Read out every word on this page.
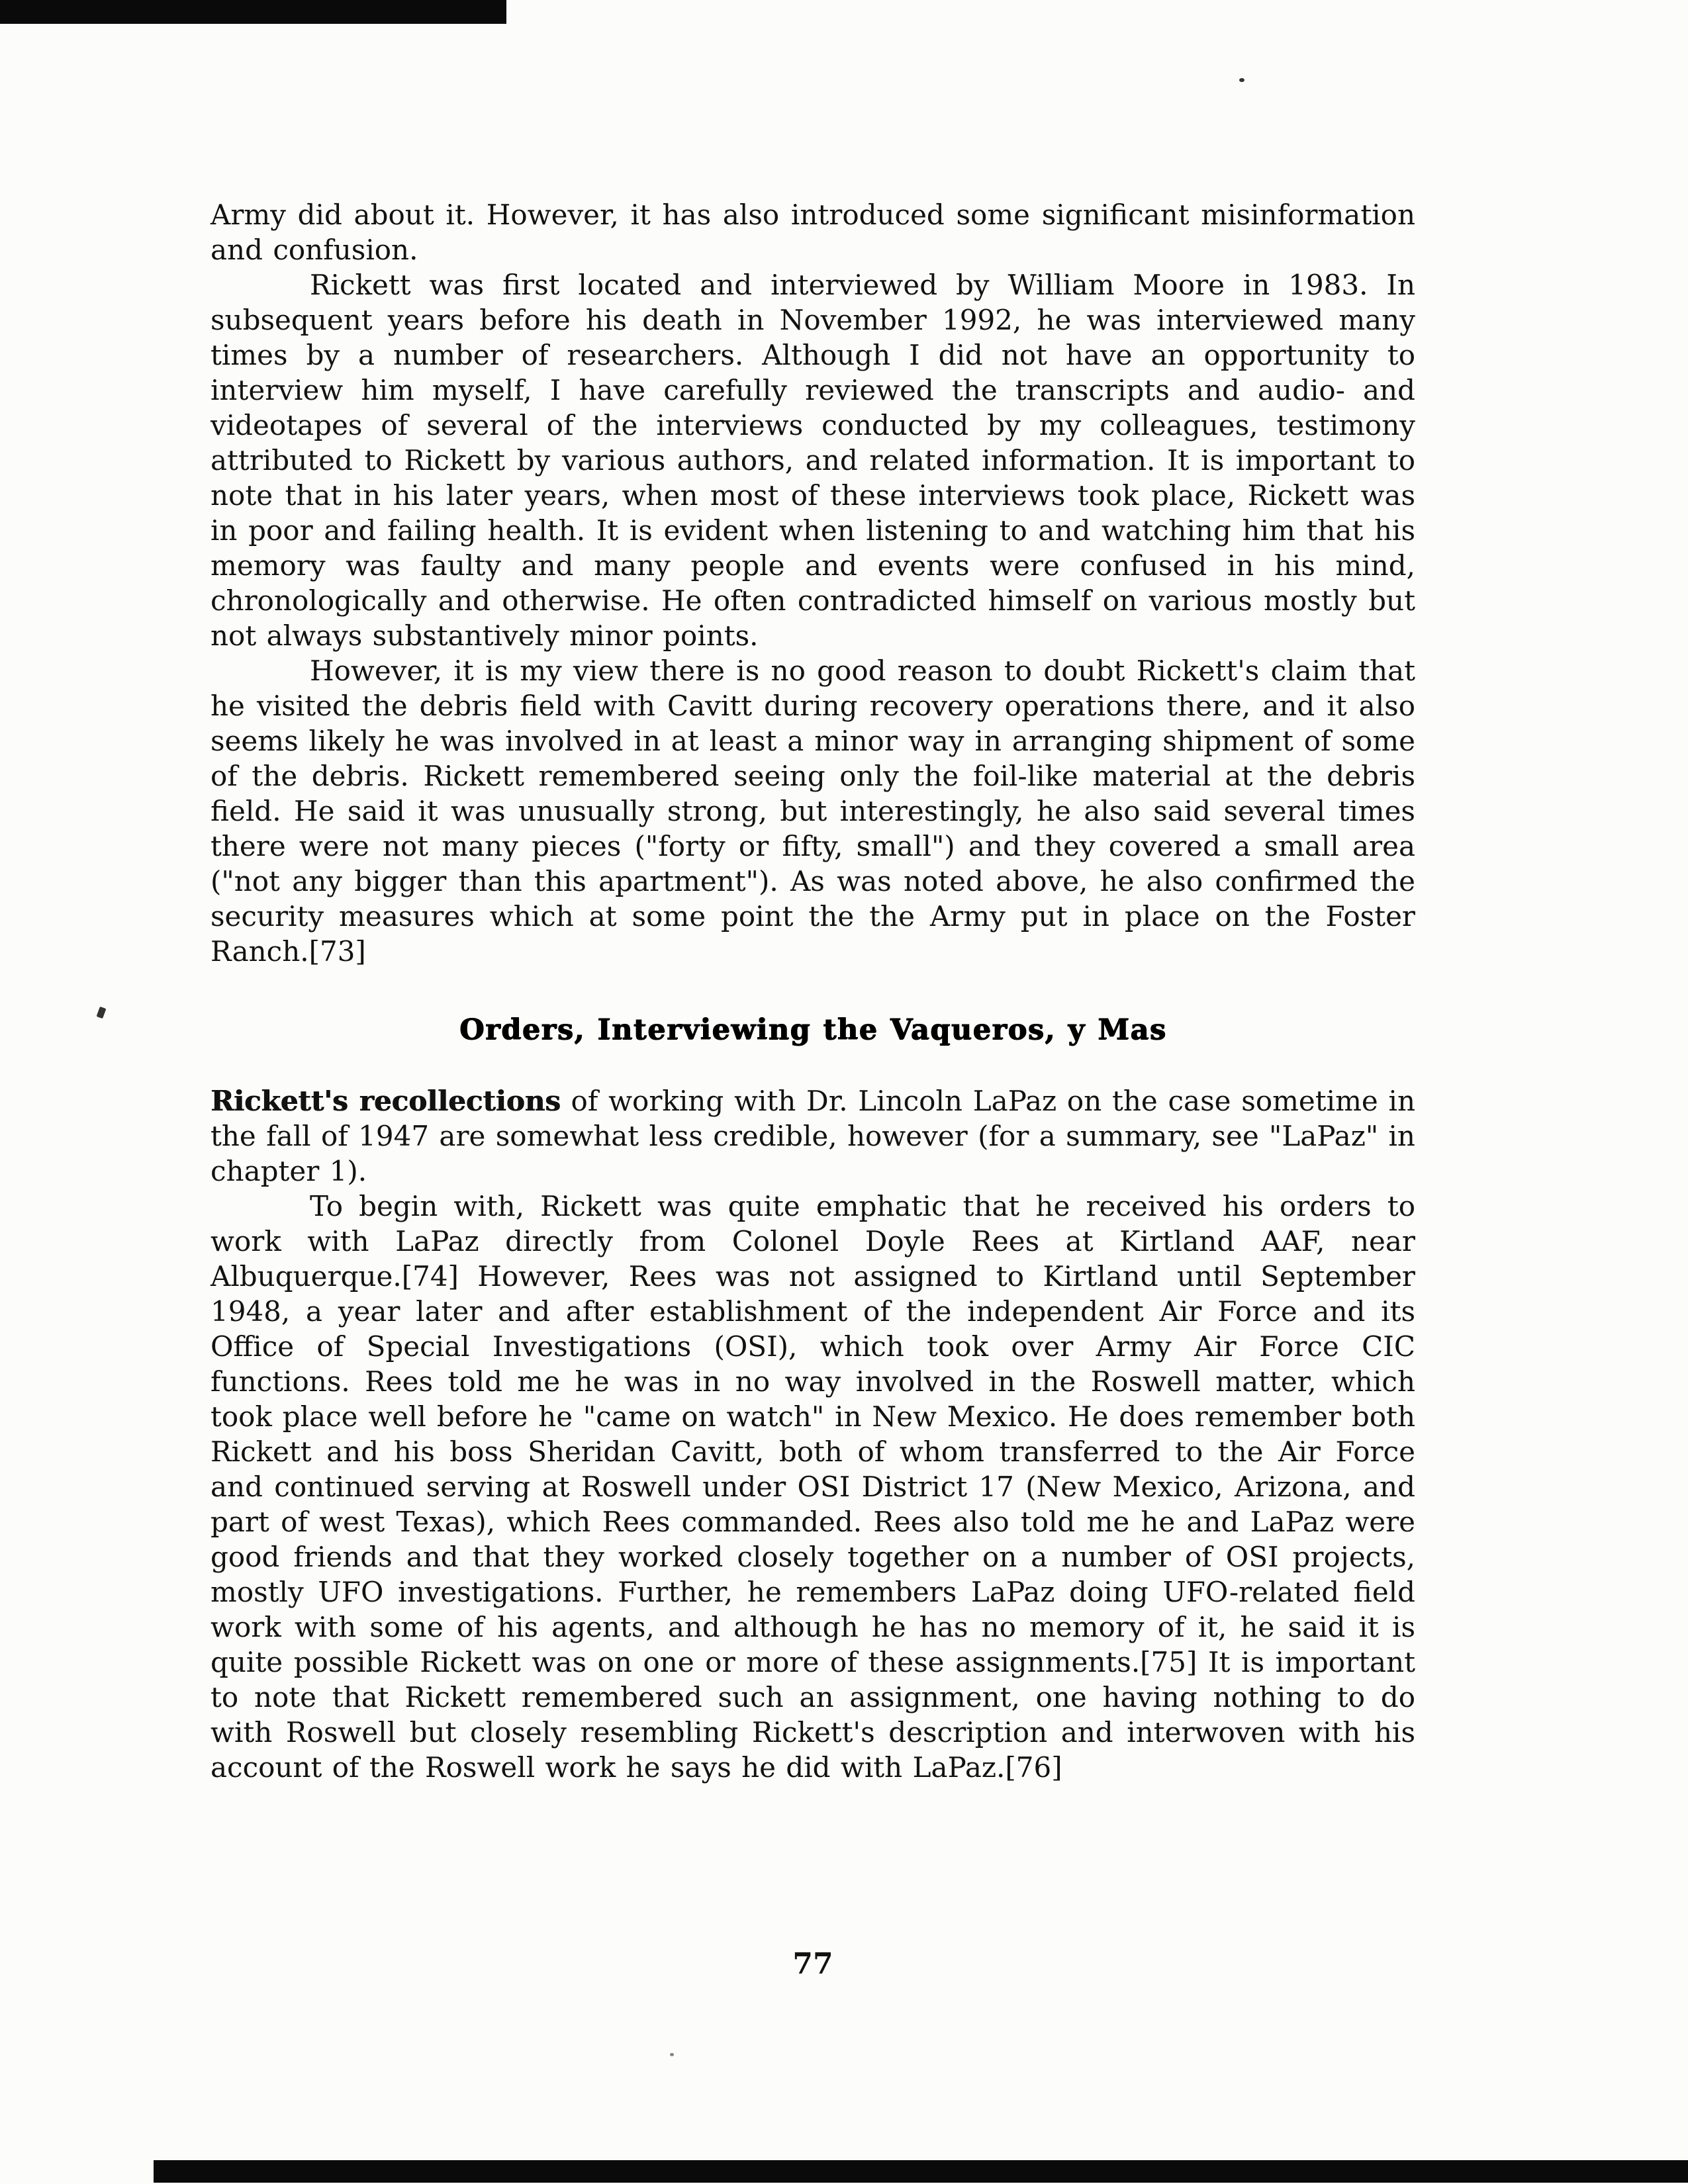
Army did about it. However, it has also introduced some significant misinformation and confusion.

Rickett was first located and interviewed by William Moore in 1983. In subsequent years before his death in November 1992, he was interviewed many times by a number of researchers. Although I did not have an opportunity to interview him myself, I have carefully reviewed the transcripts and audio- and videotapes of several of the interviews conducted by my colleagues, testimony attributed to Rickett by various authors, and related information. It is important to note that in his later years, when most of these interviews took place, Rickett was in poor and failing health. It is evident when listening to and watching him that his memory was faulty and many people and events were confused in his mind, chronologically and otherwise. He often contradicted himself on various mostly but not always substantively minor points.

However, it is my view there is no good reason to doubt Rickett's claim that he visited the debris field with Cavitt during recovery operations there, and it also seems likely he was involved in at least a minor way in arranging shipment of some of the debris. Rickett remembered seeing only the foil-like material at the debris field. He said it was unusually strong, but interestingly, he also said several times there were not many pieces ("forty or fifty, small") and they covered a small area ("not any bigger than this apartment"). As was noted above, he also confirmed the security measures which at some point the the Army put in place on the Foster Ranch.[73]

Orders, Interviewing the Vaqueros, y Mas

Rickett's recollections of working with Dr. Lincoln LaPaz on the case sometime in the fall of 1947 are somewhat less credible, however (for a summary, see "LaPaz" in chapter 1).

To begin with, Rickett was quite emphatic that he received his orders to work with LaPaz directly from Colonel Doyle Rees at Kirtland AAF, near Albuquerque.[74] However, Rees was not assigned to Kirtland until September 1948, a year later and after establishment of the independent Air Force and its Office of Special Investigations (OSI), which took over Army Air Force CIC functions. Rees told me he was in no way involved in the Roswell matter, which took place well before he "came on watch" in New Mexico. He does remember both Rickett and his boss Sheridan Cavitt, both of whom transferred to the Air Force and continued serving at Roswell under OSI District 17 (New Mexico, Arizona, and part of west Texas), which Rees commanded. Rees also told me he and LaPaz were good friends and that they worked closely together on a number of OSI projects, mostly UFO investigations. Further, he remembers LaPaz doing UFO-related field work with some of his agents, and although he has no memory of it, he said it is quite possible Rickett was on one or more of these assignments.[75] It is important to note that Rickett remembered such an assignment, one having nothing to do with Roswell but closely resembling Rickett's description and interwoven with his account of the Roswell work he says he did with LaPaz.[76]

77
